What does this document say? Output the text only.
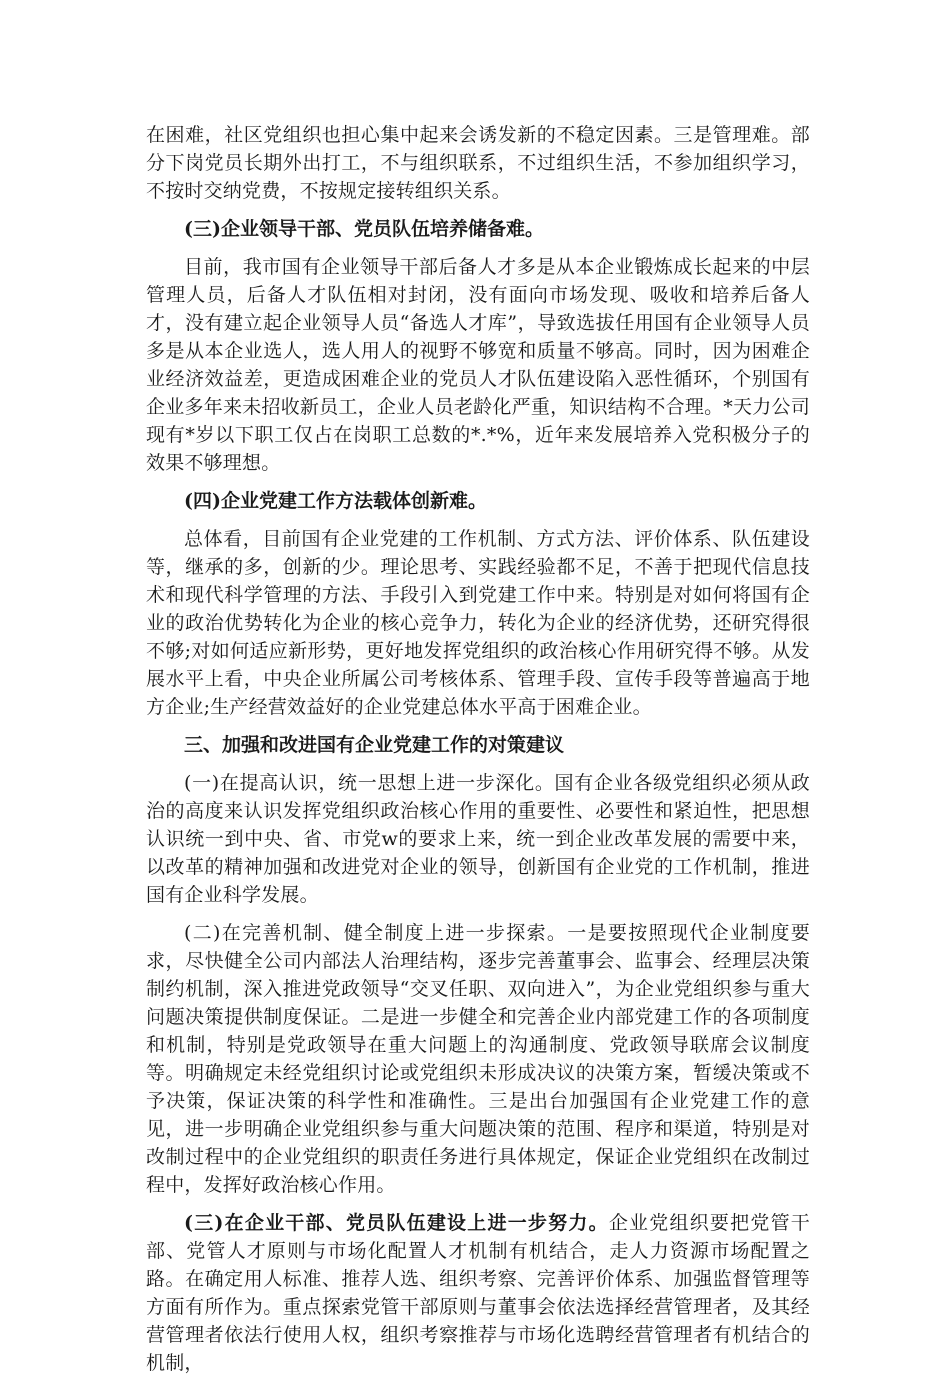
在困难，社区党组织也担心集中起来会诱发新的不稳定因素。三是管理难。部分下岗党员长期外出打工，不与组织联系，不过组织生活，不参加组织学习，不按时交纳党费，不按规定接转组织关系。

(三)企业领导干部、党员队伍培养储备难。

目前，我市国有企业领导干部后备人才多是从本企业锻炼成长起来的中层管理人员，后备人才队伍相对封闭，没有面向市场发现、吸收和培养后备人才，没有建立起企业领导人员“备选人才库”，导致选拔任用国有企业领导人员多是从本企业选人，选人用人的视野不够宽和质量不够高。同时，因为困难企业经济效益差，更造成困难企业的党员人才队伍建设陷入恶性循环，个别国有企业多年来未招收新员工，企业人员老龄化严重，知识结构不合理。*天力公司现有*岁以下职工仅占在岗职工总数的*.*%，近年来发展培养入党积极分子的效果不够理想。

(四)企业党建工作方法载体创新难。

总体看，目前国有企业党建的工作机制、方式方法、评价体系、队伍建设等，继承的多，创新的少。理论思考、实践经验都不足，不善于把现代信息技术和现代科学管理的方法、手段引入到党建工作中来。特别是对如何将国有企业的政治优势转化为企业的核心竞争力，转化为企业的经济优势，还研究得很不够;对如何适应新形势，更好地发挥党组织的政治核心作用研究得不够。从发展水平上看，中央企业所属公司考核体系、管理手段、宣传手段等普遍高于地方企业;生产经营效益好的企业党建总体水平高于困难企业。

三、加强和改进国有企业党建工作的对策建议

(一)在提高认识，统一思想上进一步深化。国有企业各级党组织必须从政治的高度来认识发挥党组织政治核心作用的重要性、必要性和紧迫性，把思想认识统一到中央、省、市党w的要求上来，统一到企业改革发展的需要中来，以改革的精神加强和改进党对企业的领导，创新国有企业党的工作机制，推进国有企业科学发展。

(二)在完善机制、健全制度上进一步探索。一是要按照现代企业制度要求，尽快健全公司内部法人治理结构，逐步完善董事会、监事会、经理层决策制约机制，深入推进党政领导“交叉任职、双向进入”，为企业党组织参与重大问题决策提供制度保证。二是进一步健全和完善企业内部党建工作的各项制度和机制，特别是党政领导在重大问题上的沟通制度、党政领导联席会议制度等。明确规定未经党组织讨论或党组织未形成决议的决策方案，暂缓决策或不予决策，保证决策的科学性和准确性。三是出台加强国有企业党建工作的意见，进一步明确企业党组织参与重大问题决策的范围、程序和渠道，特别是对改制过程中的企业党组织的职责任务进行具体规定，保证企业党组织在改制过程中，发挥好政治核心作用。

(三)在企业干部、党员队伍建设上进一步努力。企业党组织要把党管干部、党管人才原则与市场化配置人才机制有机结合，走人力资源市场配置之路。在确定用人标准、推荐人选、组织考察、完善评价体系、加强监督管理等方面有所作为。重点探索党管干部原则与董事会依法选择经营管理者，及其经营管理者依法行使用人权，组织考察推荐与市场化选聘经营管理者有机结合的机制，
